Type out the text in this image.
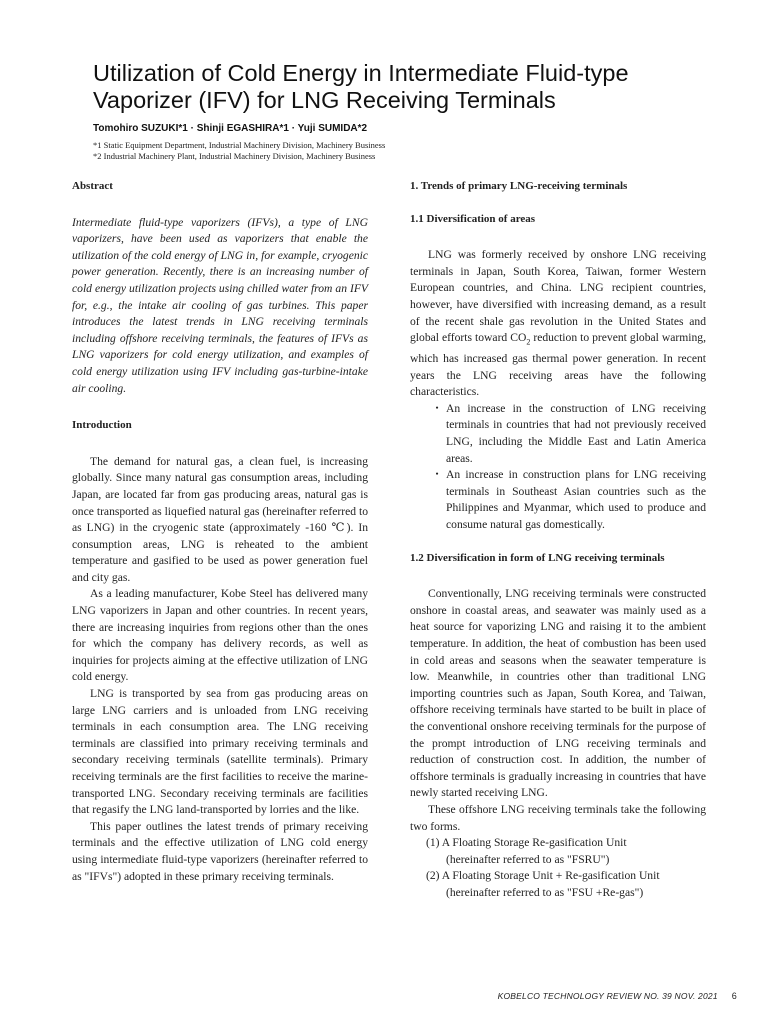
Utilization of Cold Energy in Intermediate Fluid-type Vaporizer (IFV) for LNG Receiving Terminals
Tomohiro SUZUKI*1 · Shinji EGASHIRA*1 · Yuji SUMIDA*2
*1 Static Equipment Department, Industrial Machinery Division, Machinery Business
*2 Industrial Machinery Plant, Industrial Machinery Division, Machinery Business
Abstract

Intermediate fluid-type vaporizers (IFVs), a type of LNG vaporizers, have been used as vaporizers that enable the utilization of the cold energy of LNG in, for example, cryogenic power generation. Recently, there is an increasing number of cold energy utilization projects using chilled water from an IFV for, e.g., the intake air cooling of gas turbines. This paper introduces the latest trends in LNG receiving terminals including offshore receiving terminals, the features of IFVs as LNG vaporizers for cold energy utilization, and examples of cold energy utilization using IFV including gas-turbine-intake air cooling.

Introduction

The demand for natural gas, a clean fuel, is increasing globally. Since many natural gas consumption areas, including Japan, are located far from gas producing areas, natural gas is once transported as liquefied natural gas (hereinafter referred to as LNG) in the cryogenic state (approximately -160 ℃). In consumption areas, LNG is reheated to the ambient temperature and gasified to be used as power generation fuel and city gas.

As a leading manufacturer, Kobe Steel has delivered many LNG vaporizers in Japan and other countries. In recent years, there are increasing inquiries from regions other than the ones for which the company has delivery records, as well as inquiries for projects aiming at the effective utilization of LNG cold energy.

LNG is transported by sea from gas producing areas on large LNG carriers and is unloaded from LNG receiving terminals in each consumption area. The LNG receiving terminals are classified into primary receiving terminals and secondary receiving terminals (satellite terminals). Primary receiving terminals are the first facilities to receive the marine-transported LNG. Secondary receiving terminals are facilities that regasify the LNG land-transported by lorries and the like.

This paper outlines the latest trends of primary receiving terminals and the effective utilization of LNG cold energy using intermediate fluid-type vaporizers (hereinafter referred to as "IFVs") adopted in these primary receiving terminals.

1. Trends of primary LNG-receiving terminals
1.1 Diversification of areas

LNG was formerly received by onshore LNG receiving terminals in Japan, South Korea, Taiwan, former Western European countries, and China. LNG recipient countries, however, have diversified with increasing demand, as a result of the recent shale gas revolution in the United States and global efforts toward $CO_2$ reduction to prevent global warming, which has increased gas thermal power generation. In recent years the LNG receiving areas have the following characteristics.

・ An increase in the construction of LNG receiving terminals in countries that had not previously received LNG, including the Middle East and Latin America areas.

・ An increase in construction plans for LNG receiving terminals in Southeast Asian countries such as the Philippines and Myanmar, which used to produce and consume natural gas domestically.

1.2 Diversification in form of LNG receiving terminals

Conventionally, LNG receiving terminals were constructed onshore in coastal areas, and seawater was mainly used as a heat source for vaporizing LNG and raising it to the ambient temperature. In addition, the heat of combustion has been used in cold areas and seasons when the seawater temperature is low. Meanwhile, in countries other than traditional LNG importing countries such as Japan, South Korea, and Taiwan, offshore receiving terminals have started to be built in place of the conventional onshore receiving terminals for the purpose of the prompt introduction of LNG receiving terminals and reduction of construction cost. In addition, the number of offshore terminals is gradually increasing in countries that have newly started receiving LNG.

These offshore LNG receiving terminals take the following two forms.

(1) A Floating Storage Re-gasification Unit
(hereinafter referred to as "FSRU")
(2) A Floating Storage Unit + Re-gasification Unit
(hereinafter referred to as "FSU +Re-gas")
KOBELCO TECHNOLOGY REVIEW NO. 39 NOV. 2021 6
